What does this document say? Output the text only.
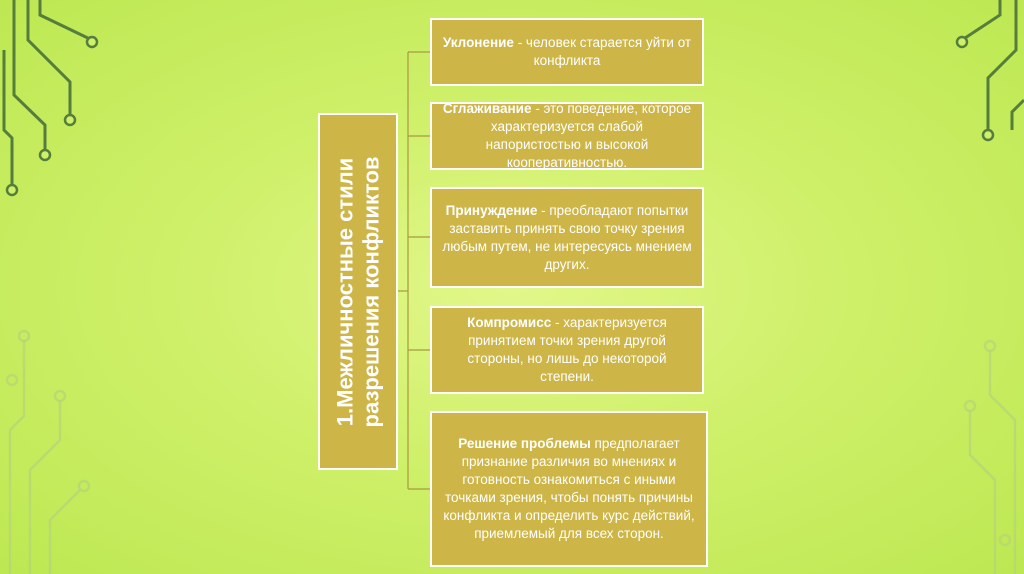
1.Межличностные стили разрешения конфликтов
Уклонение - человек старается уйти от конфликта
Сглаживание - это поведение, которое характеризуется слабой напористостью и высокой кооперативностью.
Принуждение - преобладают попытки заставить принять свою точку зрения любым путем, не интересуясь мнением других.
Компромисс - характеризуется принятием точки зрения другой стороны, но лишь до некоторой степени.
Решение проблемы предполагает признание различия во мнениях и готовность ознакомиться с иными точками зрения, чтобы понять причины конфликта и определить курс действий, приемлемый для всех сторон.
